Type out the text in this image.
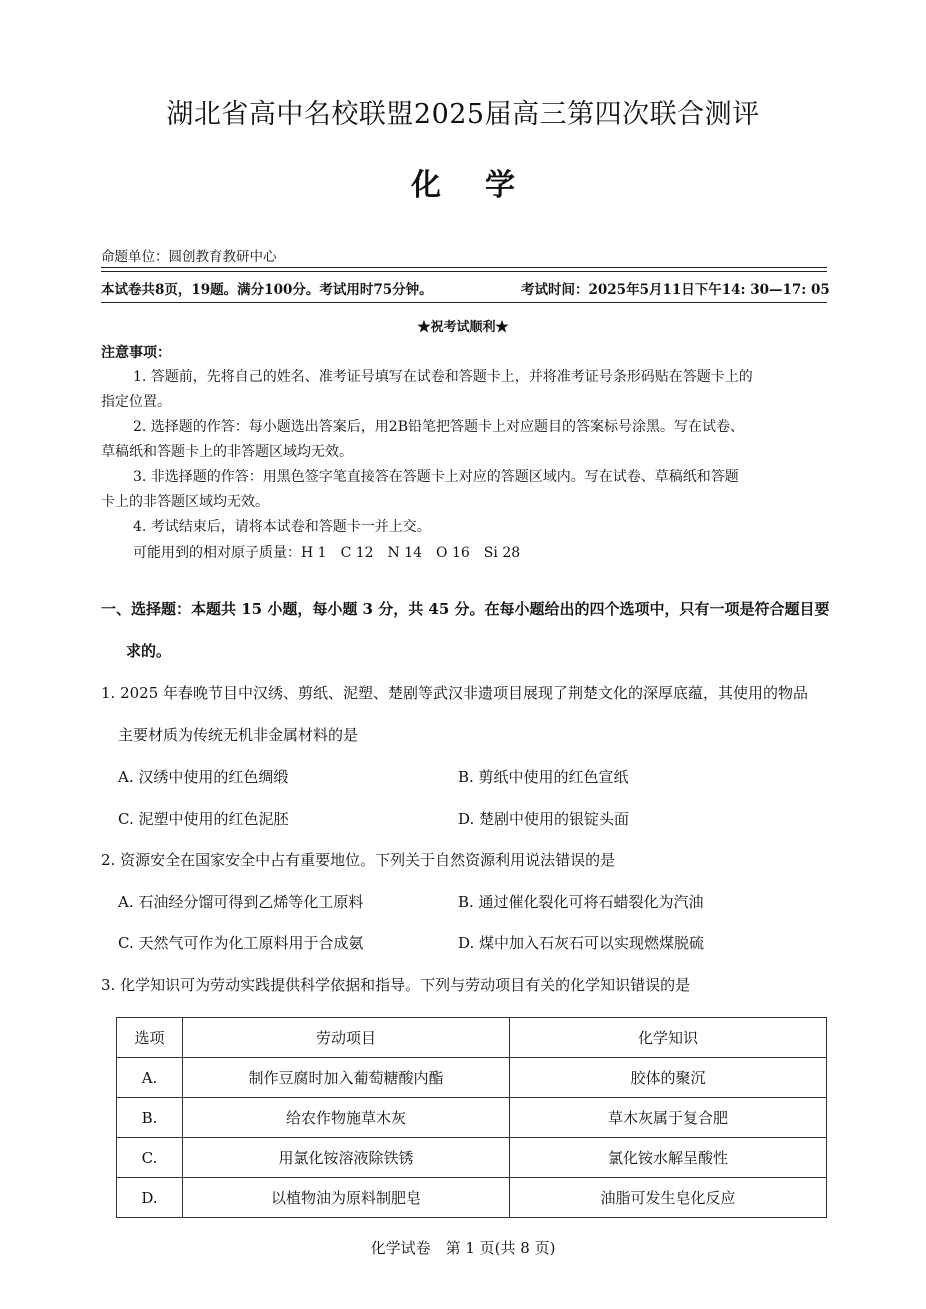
湖北省高中名校联盟2025届高三第四次联合测评
化学
命题单位：圆创教育教研中心
本试卷共8页，19题。满分100分。考试用时75分钟。	考试时间：2025年5月11日下午14: 30—17: 05
★祝考试顺利★
注意事项：
1. 答题前，先将自己的姓名、准考证号填写在试卷和答题卡上，并将准考证号条形码贴在答题卡上的
指定位置。
2. 选择题的作答：每小题选出答案后，用2B铅笔把答题卡上对应题目的答案标号涂黑。写在试卷、
草稿纸和答题卡上的非答题区域均无效。
3. 非选择题的作答：用黑色签字笔直接答在答题卡上对应的答题区域内。写在试卷、草稿纸和答题
卡上的非答题区域均无效。
4. 考试结束后，请将本试卷和答题卡一并上交。
可能用到的相对原子质量：H 1　C 12　N 14　O 16　Si 28
一、选择题：本题共 15 小题，每小题 3 分，共 45 分。在每小题给出的四个选项中，只有一项是符合题目要
求的。
1. 2025 年春晚节目中汉绣、剪纸、泥塑、楚剧等武汉非遗项目展现了荆楚文化的深厚底蕴，其使用的物品
主要材质为传统无机非金属材料的是
A. 汉绣中使用的红色绸缎	B. 剪纸中使用的红色宣纸
C. 泥塑中使用的红色泥胚	D. 楚剧中使用的银锭头面
2. 资源安全在国家安全中占有重要地位。下列关于自然资源利用说法错误的是
A. 石油经分馏可得到乙烯等化工原料	B. 通过催化裂化可将石蜡裂化为汽油
C. 天然气可作为化工原料用于合成氨	D. 煤中加入石灰石可以实现燃煤脱硫
3. 化学知识可为劳动实践提供科学依据和指导。下列与劳动项目有关的化学知识错误的是
选项	劳动项目	化学知识
A.	制作豆腐时加入葡萄糖酸内酯	胶体的聚沉
B.	给农作物施草木灰	草木灰属于复合肥
C.	用氯化铵溶液除铁锈	氯化铵水解呈酸性
D.	以植物油为原料制肥皂	油脂可发生皂化反应
化学试卷　第 1 页(共 8 页)
